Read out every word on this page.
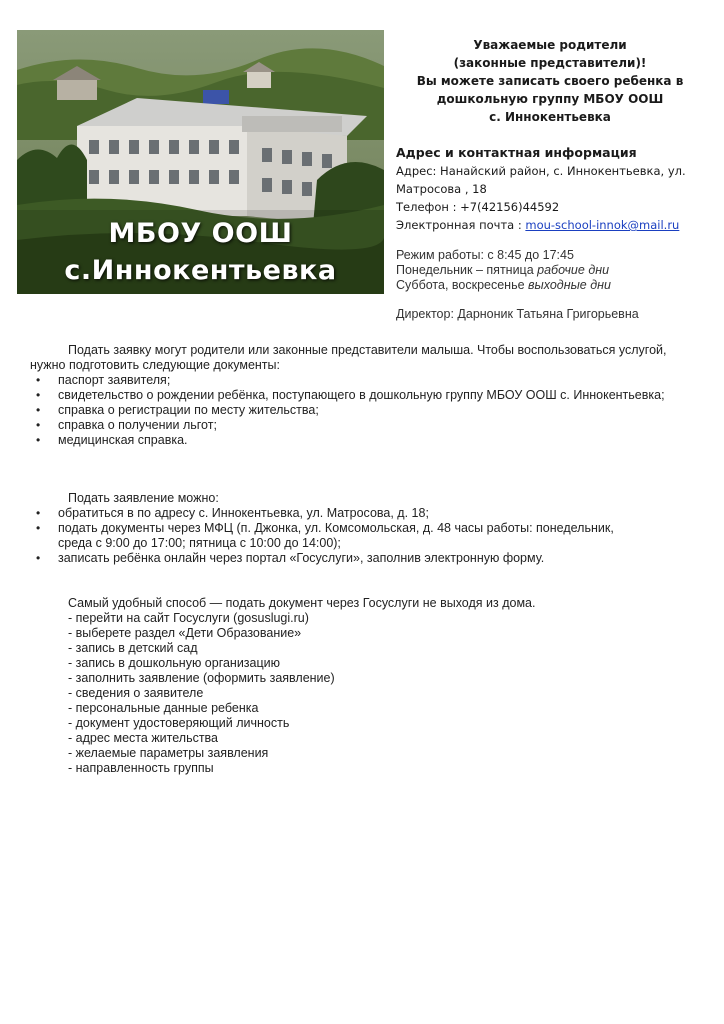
МБОУ ООШ
с.Иннокентьевка
Уважаемые родители
(законные представители)!
Вы можете записать своего ребенка в
дошкольную группу МБОУ ООШ
с. Иннокентьевка
Адрес и контактная информация
Адрес: Нанайский район, с. Иннокентьевка, ул.
Матросова , 18
Телефон : +7(42156)44592
Электронная почта : mou-school-innok@mail.ru
Режим работы: с 8:45 до 17:45
Понедельник – пятница рабочие дни
Суббота, воскресенье выходные дни
Директор: Дарноник Татьяна Григорьевна

Подать заявку могут родители или законные представители малыша. Чтобы воспользоваться услугой, нужно подготовить следующие документы:

• паспорт заявителя;
• свидетельство о рождении ребёнка, поступающего в дошкольную группу МБОУ ООШ с. Иннокентьевка;
• справка о регистрации по месту жительства;
• справка о получении льгот;
• медицинская справка.

Подать заявление можно:

• обратиться в по адресу с. Иннокентьевка, ул. Матросова, д. 18;
• подать документы через МФЦ (п. Джонка, ул. Комсомольская, д. 48 часы работы: понедельник, среда с 9:00 до 17:00; пятница с 10:00 до 14:00);
• записать ребёнка онлайн через портал «Госуслуги», заполнив электронную форму.
Самый удобный способ — подать документ через Госуслуги не выходя из дома.
- перейти на сайт Госуслуги (gosuslugi.ru)
- выберете раздел «Дети Образование»
- запись в детский сад
- запись в дошкольную организацию
- заполнить заявление (оформить заявление)
- сведения о заявителе
- персональные данные ребенка
- документ удостоверяющий личность
- адрес места жительства
- желаемые параметры заявления
- направленность группы
